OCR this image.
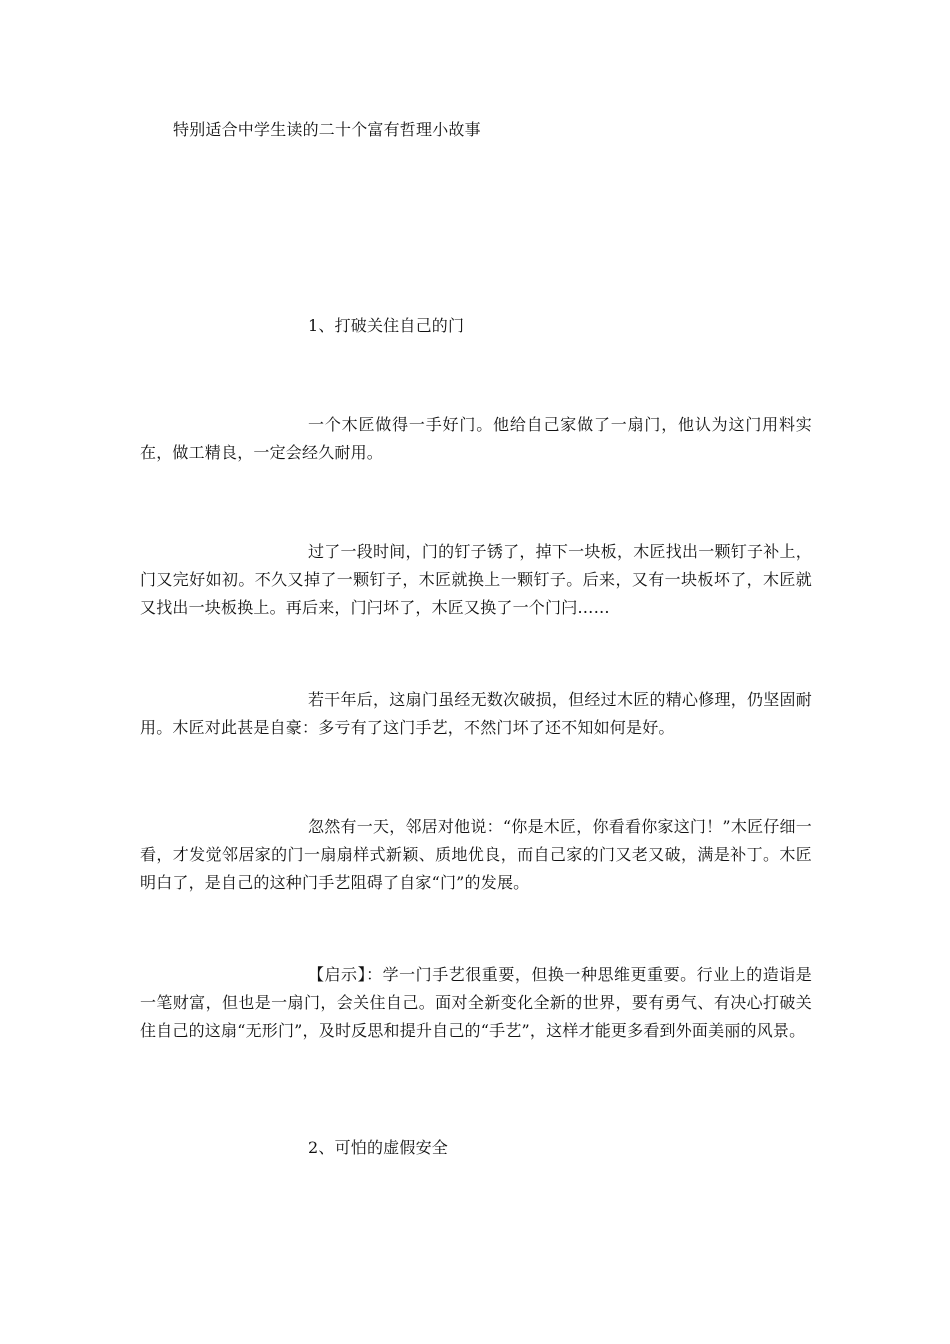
特别适合中学生读的二十个富有哲理小故事
1、打破关住自己的门
一个木匠做得一手好门。他给自己家做了一扇门，他认为这门用料实在，做工精良，一定会经久耐用。
过了一段时间，门的钉子锈了，掉下一块板，木匠找出一颗钉子补上，门又完好如初。不久又掉了一颗钉子，木匠就换上一颗钉子。后来，又有一块板坏了，木匠就又找出一块板换上。再后来，门闩坏了，木匠又换了一个门闩……
若干年后，这扇门虽经无数次破损，但经过木匠的精心修理，仍坚固耐用。木匠对此甚是自豪：多亏有了这门手艺，不然门坏了还不知如何是好。
忽然有一天，邻居对他说：“你是木匠，你看看你家这门！”木匠仔细一看，才发觉邻居家的门一扇扇样式新颖、质地优良，而自己家的门又老又破，满是补丁。木匠明白了，是自己的这种门手艺阻碍了自家“门”的发展。
【启示】：学一门手艺很重要，但换一种思维更重要。行业上的造诣是一笔财富，但也是一扇门，会关住自己。面对全新变化全新的世界，要有勇气、有决心打破关住自己的这扇“无形门”，及时反思和提升自己的“手艺”，这样才能更多看到外面美丽的风景。
2、可怕的虚假安全
